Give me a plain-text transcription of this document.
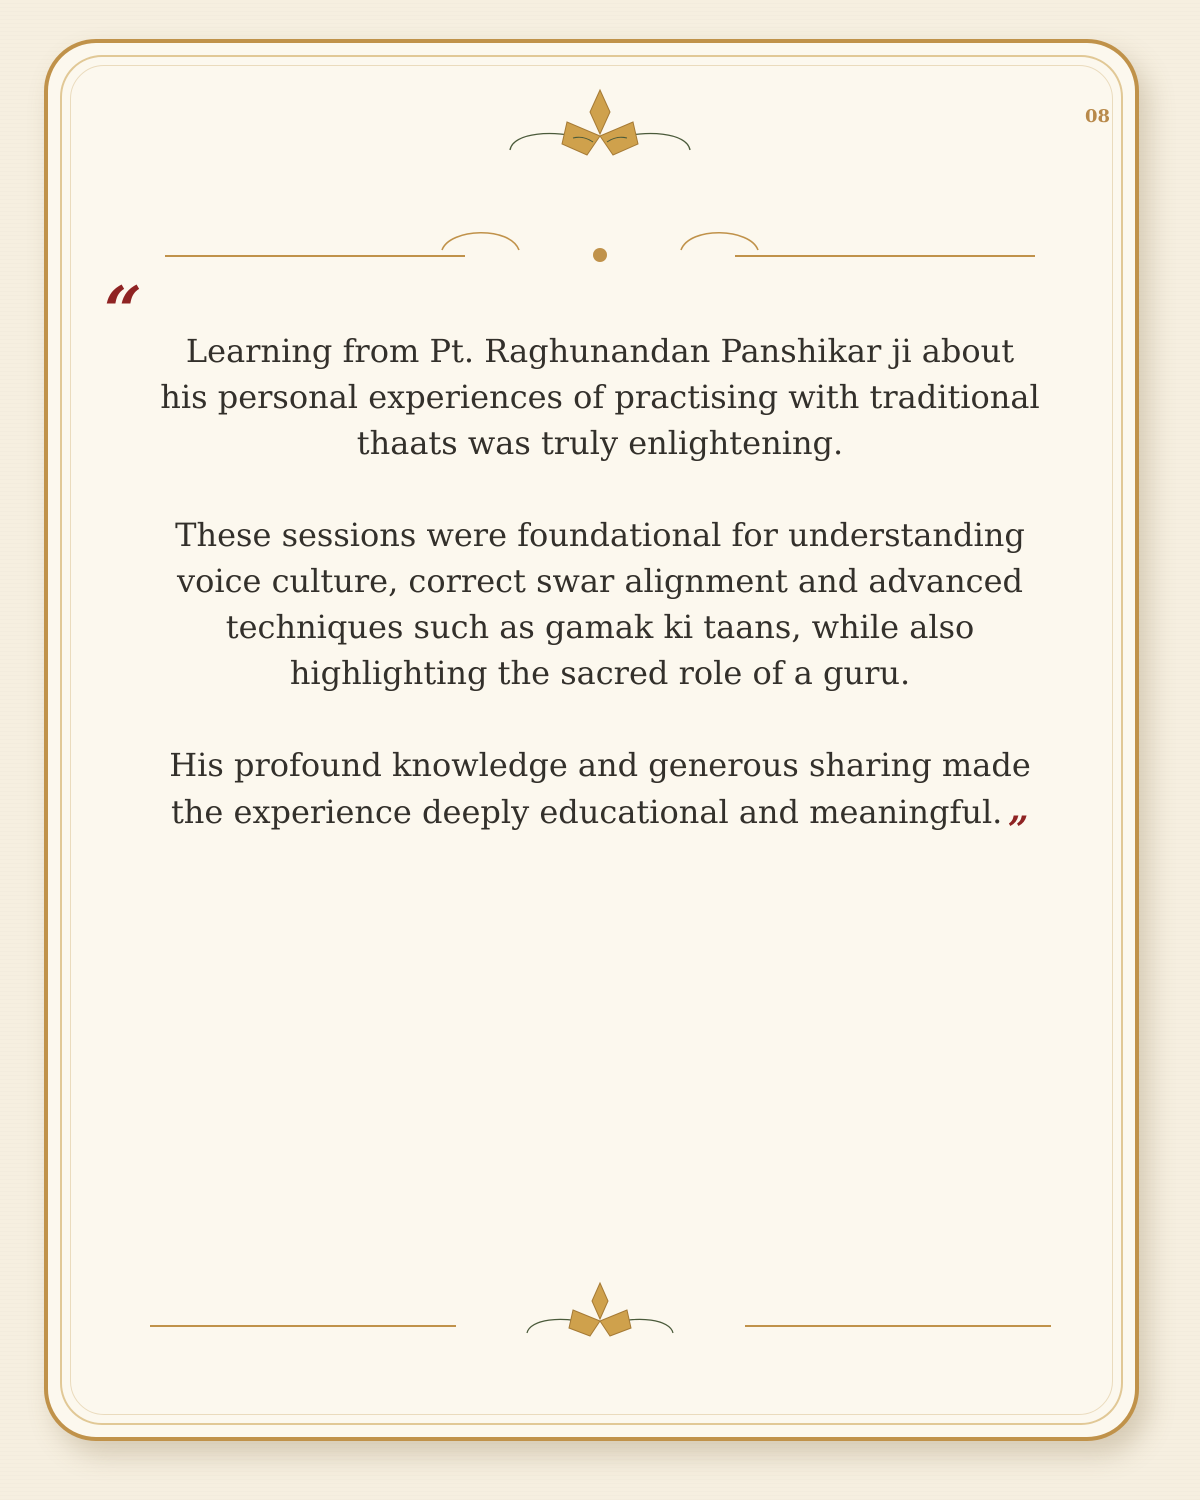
08
“

Learning from Pt. Raghunandan Panshikar ji about his personal experiences of practising with traditional thaats was truly enlightening.

These sessions were foundational for understanding voice culture, correct swar alignment and advanced techniques such as gamak ki taans, while also highlighting the sacred role of a guru.

His profound knowledge and generous sharing made the experience deeply educational and meaningful. „
